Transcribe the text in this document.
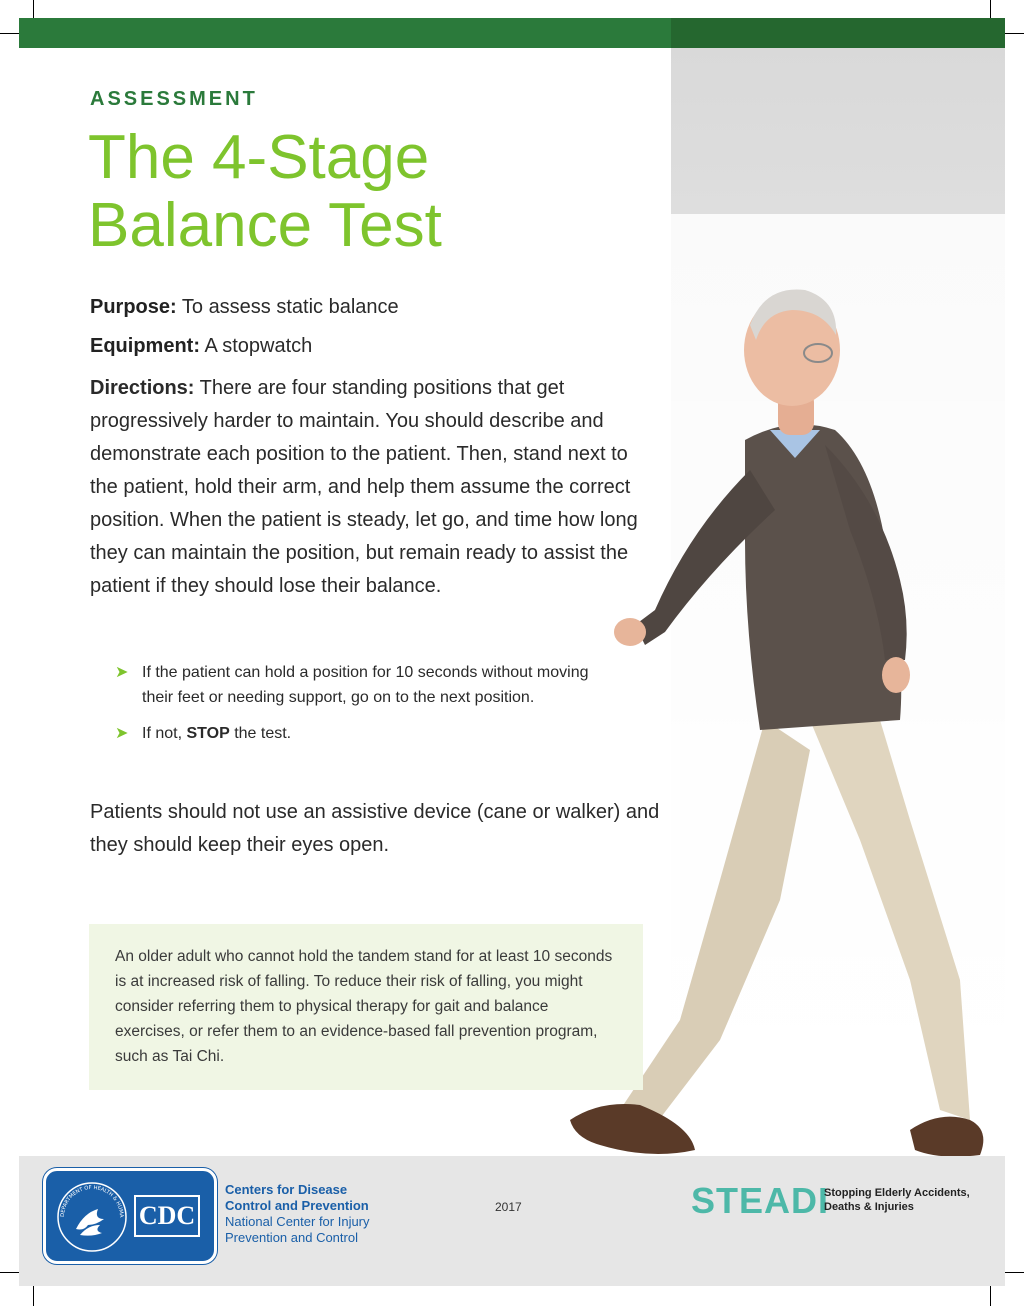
ASSESSMENT
The 4-Stage
Balance Test
Purpose: To assess static balance
Equipment: A stopwatch

Directions: There are four standing positions that get progressively harder to maintain. You should describe and demonstrate each position to the patient. Then, stand next to the patient, hold their arm, and help them assume the correct position. When the patient is steady, let go, and time how long they can maintain the position, but remain ready to assist the patient if they should lose their balance.

➤ If the patient can hold a position for 10 seconds without moving their feet or needing support, go on to the next position.
➤ If not, STOP the test.

Patients should not use an assistive device (cane or walker) and they should keep their eyes open.

An older adult who cannot hold the tandem stand for at least 10 seconds is at increased risk of falling. To reduce their risk of falling, you might consider referring them to physical therapy for gait and balance exercises, or refer them to an evidence-based fall prevention program, such as Tai Chi.
DEPARTMENT OF HEALTH & HUMA CDC
Centers for Disease
Control and Prevention
National Center for Injury
Prevention and Control
2017	STEADI
Stopping Elderly Accidents,
Deaths & Injuries
